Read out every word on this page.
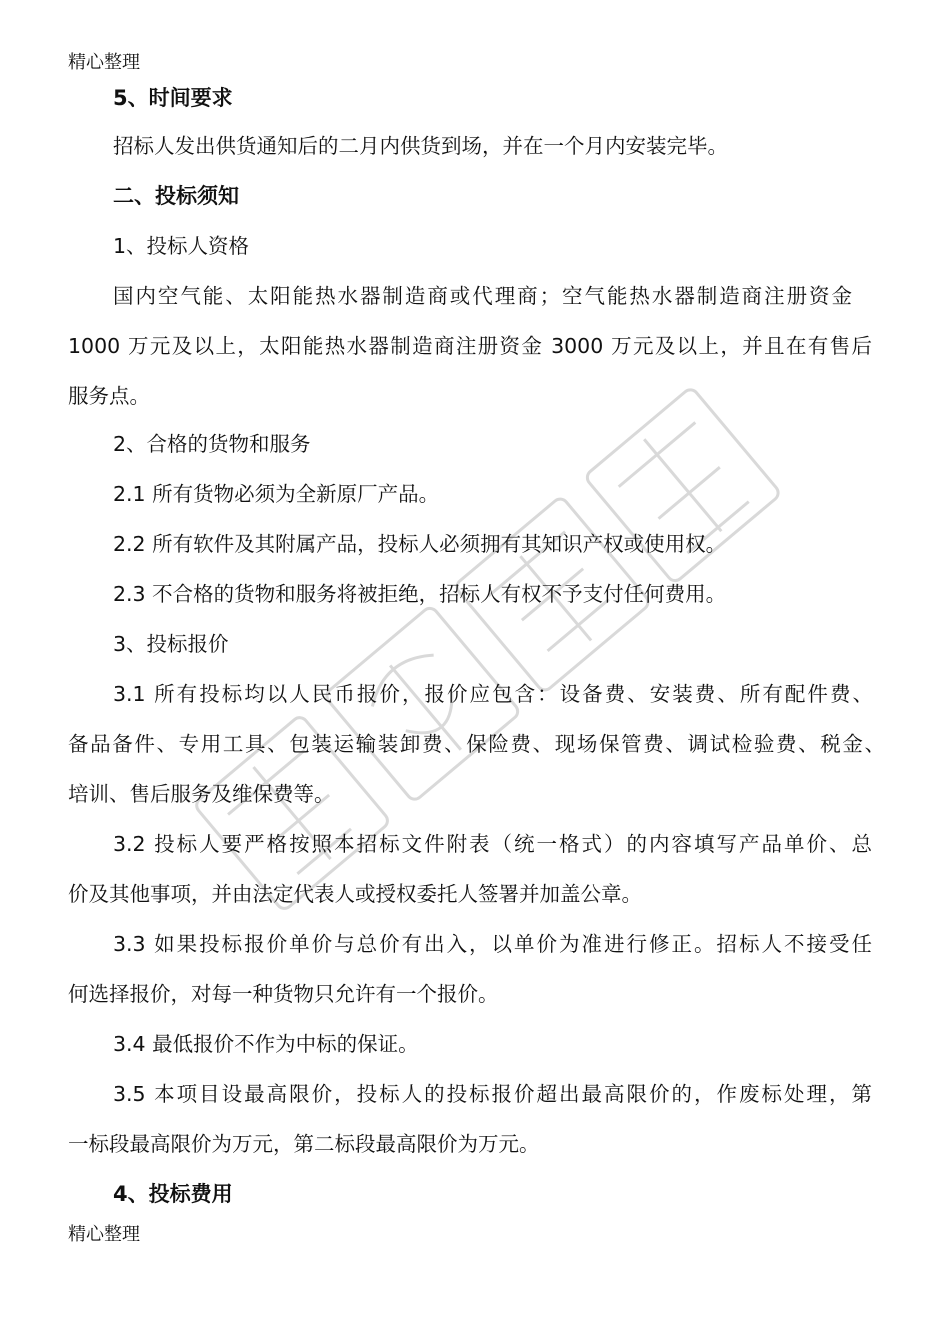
精心整理
5、时间要求
招标人发出供货通知后的二月内供货到场，并在一个月内安装完毕。
二、投标须知
1、投标人资格
国内空气能、太阳能热水器制造商或代理商；空气能热水器制造商注册资金
1000 万元及以上，太阳能热水器制造商注册资金 3000 万元及以上，并且在有售后
服务点。
2、合格的货物和服务
2.1 所有货物必须为全新原厂产品。
2.2 所有软件及其附属产品，投标人必须拥有其知识产权或使用权。
2.3 不合格的货物和服务将被拒绝，招标人有权不予支付任何费用。
3、投标报价
3.1 所有投标均以人民币报价，报价应包含：设备费、安装费、所有配件费、
备品备件、专用工具、包装运输装卸费、保险费、现场保管费、调试检验费、税金、
培训、售后服务及维保费等。
3.2 投标人要严格按照本招标文件附表（统一格式）的内容填写产品单价、总
价及其他事项，并由法定代表人或授权委托人签署并加盖公章。
3.3 如果投标报价单价与总价有出入，以单价为准进行修正。招标人不接受任
何选择报价，对每一种货物只允许有一个报价。
3.4 最低报价不作为中标的保证。
3.5 本项目设最高限价，投标人的投标报价超出最高限价的，作废标处理，第
一标段最高限价为万元，第二标段最高限价为万元。
4、投标费用
精心整理
